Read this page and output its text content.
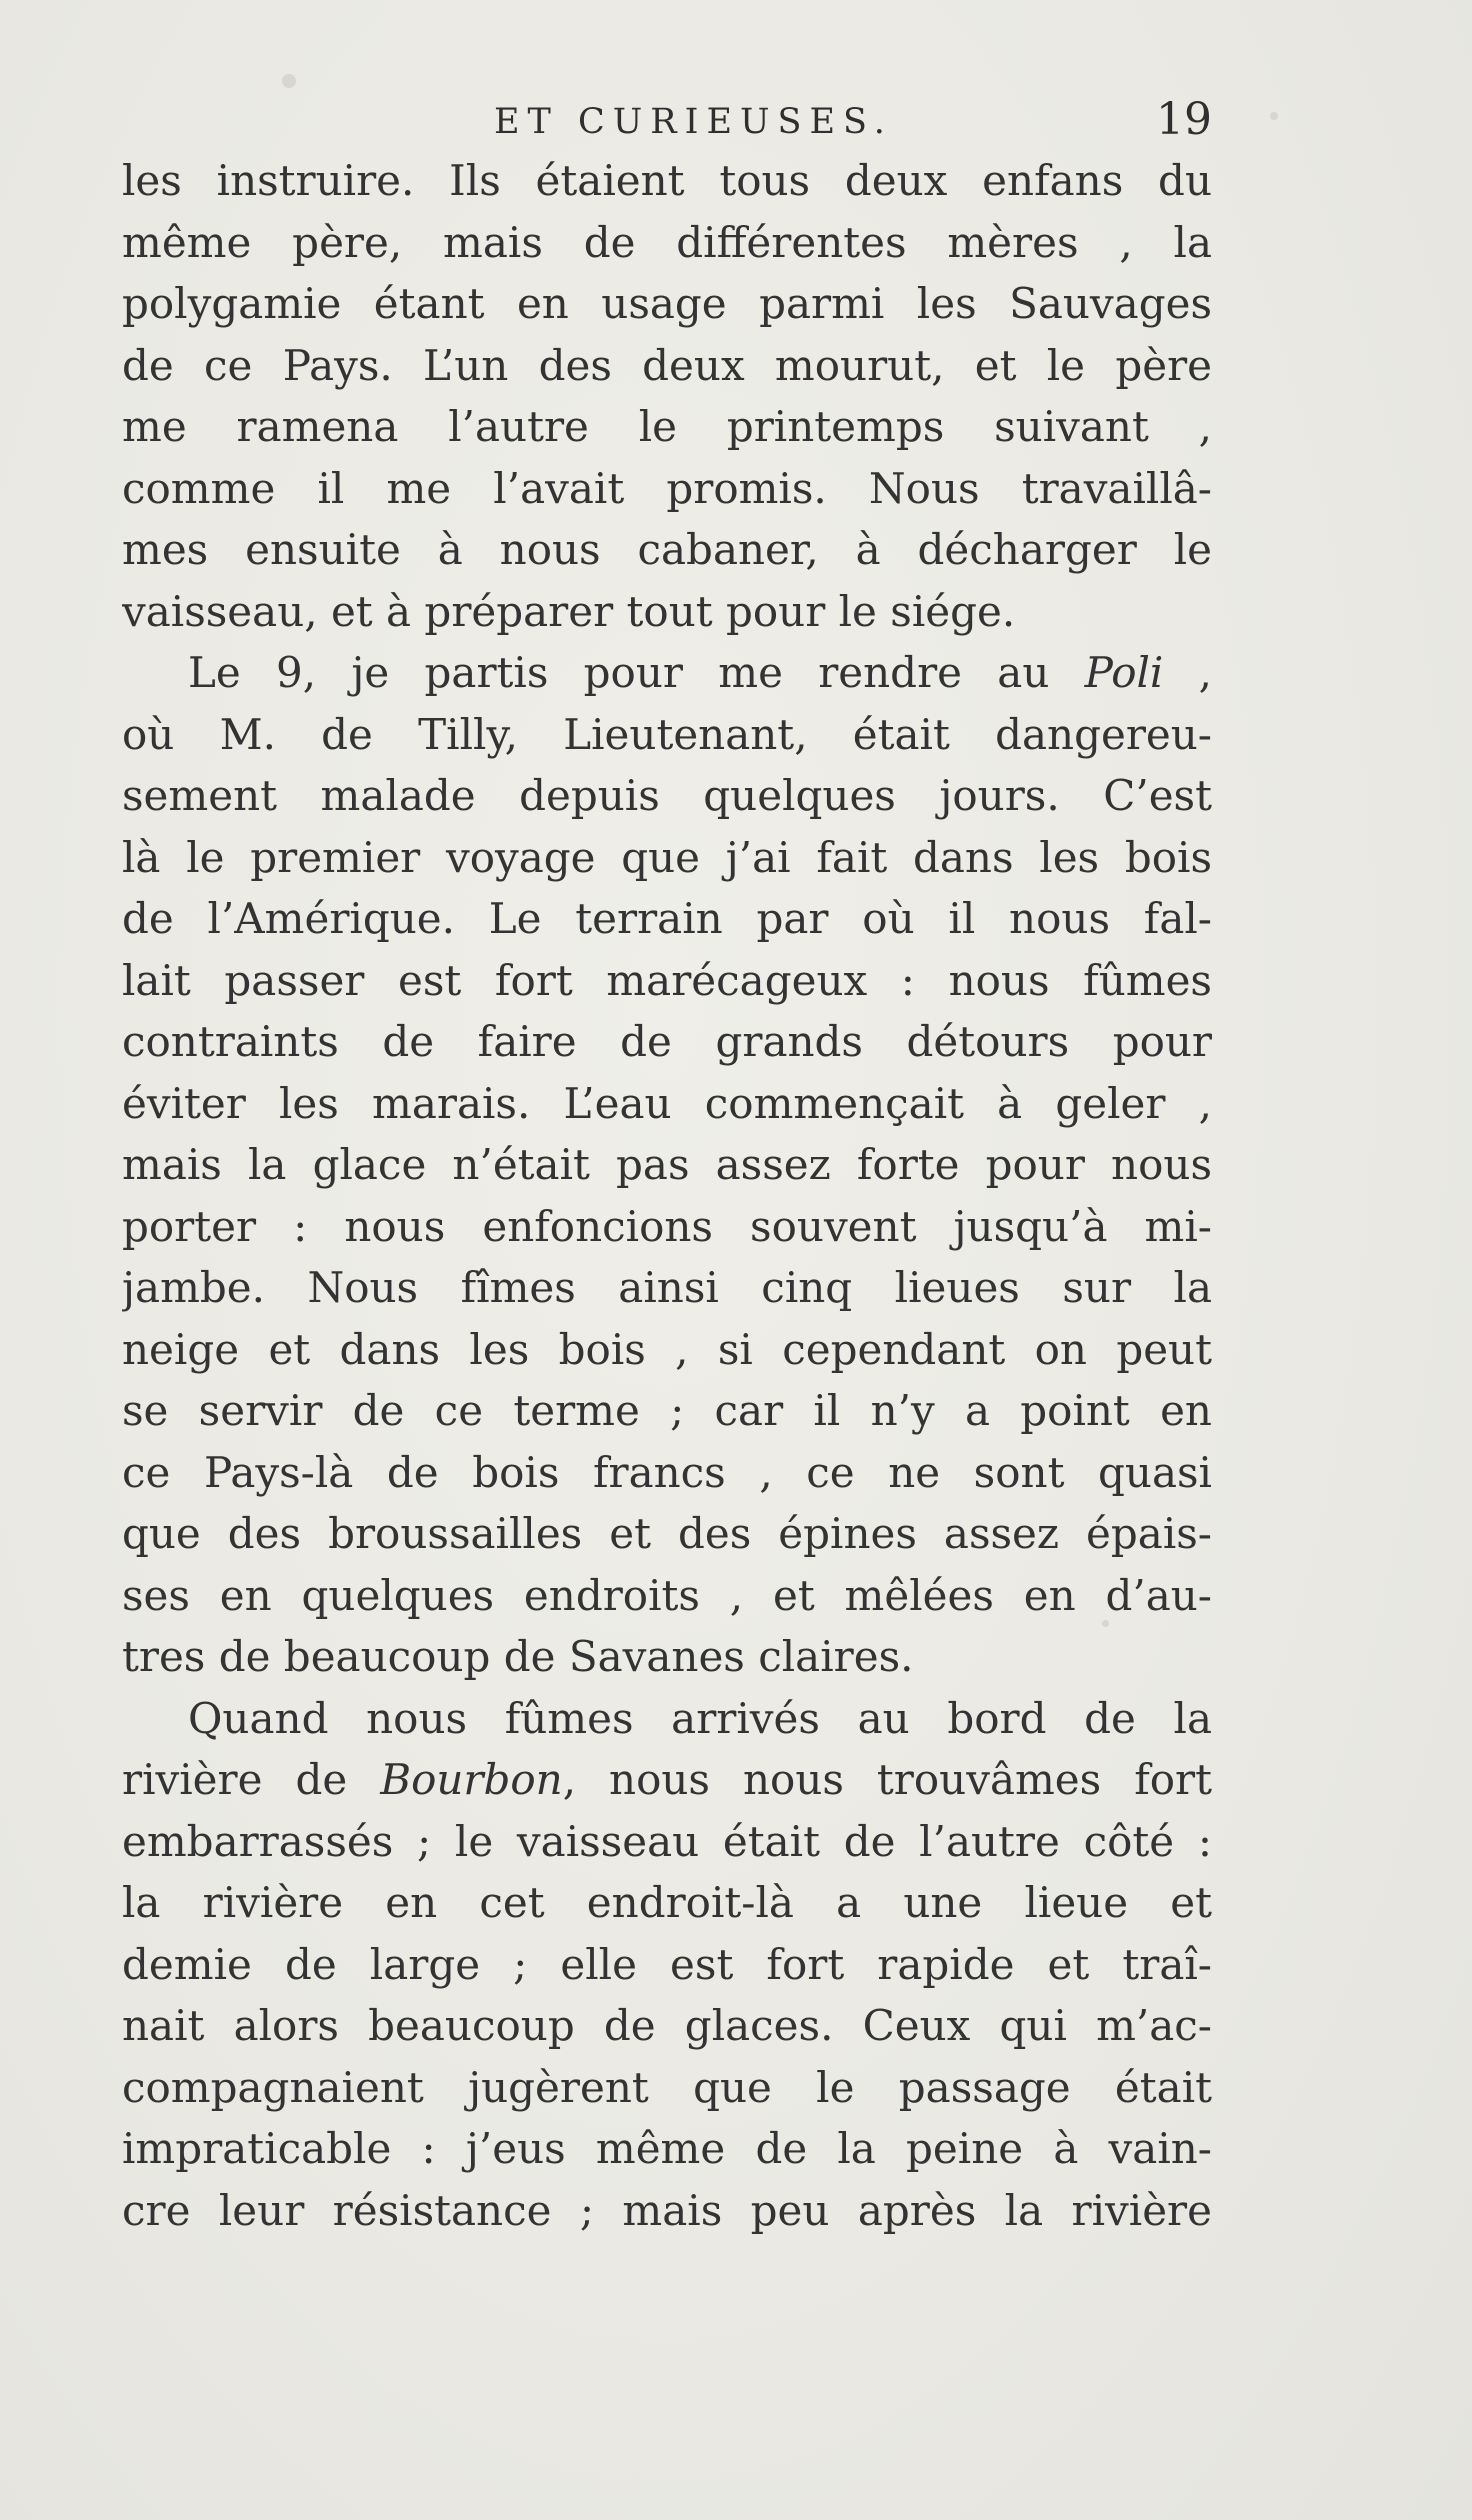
ET CURIEUSES.	19
les instruire. Ils étaient tous deux enfans du
même père, mais de différentes mères , la
polygamie étant en usage parmi les Sauvages
de ce Pays. L’un des deux mourut, et le père
me ramena l’autre le printemps suivant ,
comme il me l’avait promis. Nous travaillâ-
mes ensuite à nous cabaner, à décharger le
vaisseau, et à préparer tout pour le siége.
Le 9, je partis pour me rendre au Poli ,
où M. de Tilly, Lieutenant, était dangereu-
sement malade depuis quelques jours. C’est
là le premier voyage que j’ai fait dans les bois
de l’Amérique. Le terrain par où il nous fal-
lait passer est fort marécageux : nous fûmes
contraints de faire de grands détours pour
éviter les marais. L’eau commençait à geler ,
mais la glace n’était pas assez forte pour nous
porter : nous enfoncions souvent jusqu’à mi-
jambe. Nous fîmes ainsi cinq lieues sur la
neige et dans les bois , si cependant on peut
se servir de ce terme ; car il n’y a point en
ce Pays-là de bois francs , ce ne sont quasi
que des broussailles et des épines assez épais-
ses en quelques endroits , et mêlées en d’au-
tres de beaucoup de Savanes claires.
Quand nous fûmes arrivés au bord de la
rivière de Bourbon, nous nous trouvâmes fort
embarrassés ; le vaisseau était de l’autre côté :
la rivière en cet endroit-là a une lieue et
demie de large ; elle est fort rapide et traî-
nait alors beaucoup de glaces. Ceux qui m’ac-
compagnaient jugèrent que le passage était
impraticable : j’eus même de la peine à vain-
cre leur résistance ; mais peu après la rivière
